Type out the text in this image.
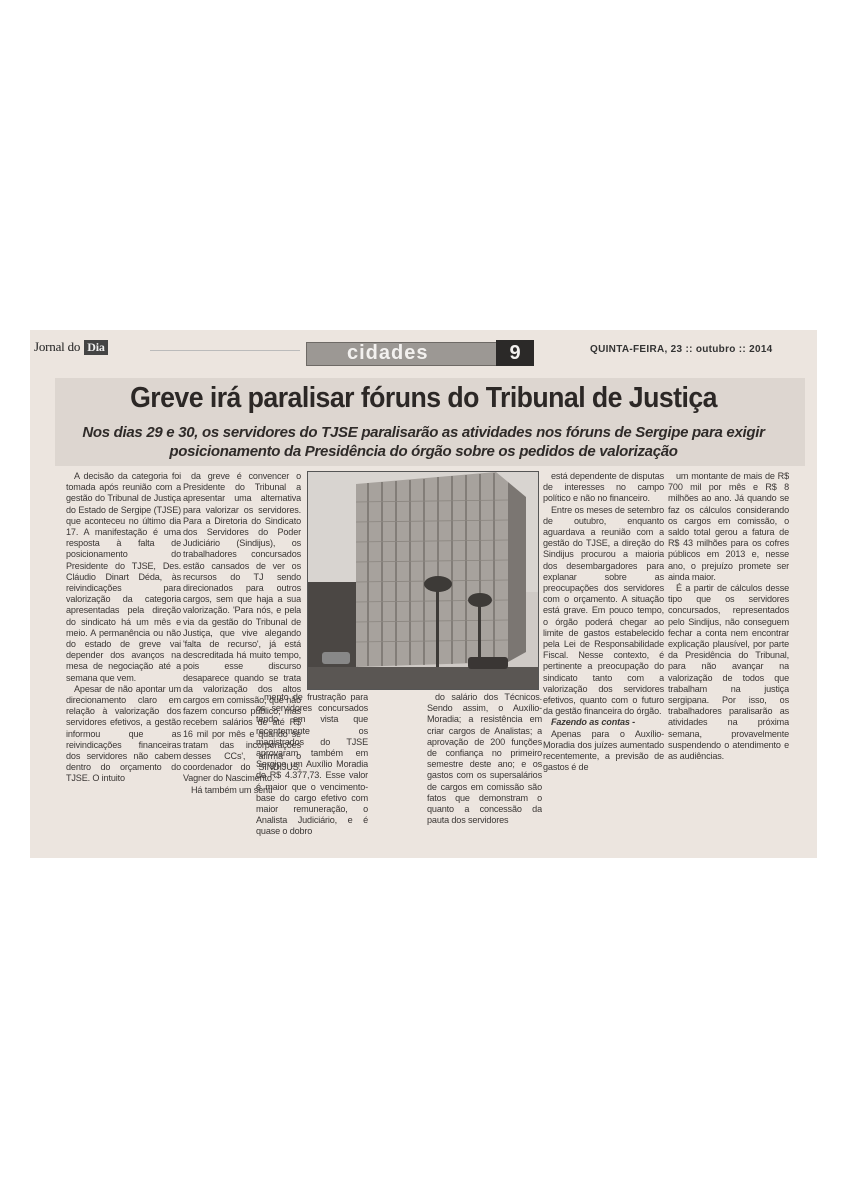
Jornal do Dia	cidades	9	QUINTA-FEIRA, 23 :: outubro :: 2014
Greve irá paralisar fóruns do Tribunal de Justiça
Nos dias 29 e 30, os servidores do TJSE paralisarão as atividades nos fóruns de Sergipe para exigir posicionamento da Presidência do órgão sobre os pedidos de valorização

A decisão da categoria foi tomada após reunião com a gestão do Tribunal de Justiça do Estado de Sergipe (TJSE) que aconteceu no último dia 17. A manifestação é uma resposta à falta de posicionamento do Presidente do TJSE, Des. Cláudio Dinart Déda, às reivindicações para valorização da categoria apresentadas pela direção do sindicato há um mês e meio. A permanência ou não do estado de greve vai depender dos avanços na mesa de negociação até a semana que vem.

Apesar de não apontar um direcionamento claro em relação à valorização dos servidores efetivos, a gestão informou que as reivindicações financeiras dos servidores não cabem dentro do orçamento do TJSE. O intuito

da greve é convencer o Presidente do Tribunal a apresentar uma alternativa para valorizar os servidores. Para a Diretoria do Sindicato dos Servidores do Poder Judiciário (Sindijus), os trabalhadores concursados estão cansados de ver os recursos do TJ sendo direcionados para outros cargos, sem que haja a sua valorização. 'Para nós, e pela via da gestão do Tribunal de Justiça, que vive alegando 'falta de recurso', já está descreditada há muito tempo, pois esse discurso desaparece quando se trata da valorização dos altos cargos em comissão, que não fazem concurso público, mas recebem salários de até R$ 16 mil por mês e quando se tratam das incorporações desses CCs', afirma o coordenador do SINDIJUS, Vagner do Nascimento.

Há também um senti

mento de frustração para os servidores concursados tendo em vista que recentemente os magistrados do TJSE aprovaram também em Sergipe um Auxílio Moradia de R$ 4.377,73. Esse valor é maior que o vencimento-base do cargo efetivo com maior remuneração, o Analista Judiciário, e é quase o dobro

do salário dos Técnicos. Sendo assim, o Auxílio-Moradia; a resistência em criar cargos de Analistas; a aprovação de 200 funções de confiança no primeiro semestre deste ano; e os gastos com os supersalários de cargos em comissão são fatos que demonstram o quanto a concessão da pauta dos servidores

está dependente de disputas de interesses no campo político e não no financeiro.

Entre os meses de setembro de outubro, enquanto aguardava a reunião com a gestão do TJSE, a direção do Sindijus procurou a maioria dos desembargadores para explanar sobre as preocupações dos servidores com o orçamento. A situação está grave. Em pouco tempo, o órgão poderá chegar ao limite de gastos estabelecido pela Lei de Responsabilidade Fiscal. Nesse contexto, é pertinente a preocupação do sindicato tanto com a valorização dos servidores efetivos, quanto com o futuro da gestão financeira do órgão.

Fazendo as contas -

Apenas para o Auxílio-Moradia dos juízes aumentado recentemente, a previsão de gastos é de

um montante de mais de R$ 700 mil por mês e R$ 8 milhões ao ano. Já quando se faz os cálculos considerando os cargos em comissão, o saldo total gerou a fatura de R$ 43 milhões para os cofres públicos em 2013 e, nesse ano, o prejuízo promete ser ainda maior.

É a partir de cálculos desse tipo que os servidores concursados, representados pelo Sindijus, não conseguem fechar a conta nem encontrar explicação plausível, por parte da Presidência do Tribunal, para não avançar na valorização de todos que trabalham na justiça sergipana. Por isso, os trabalhadores paralisarão as atividades na próxima semana, provavelmente suspendendo o atendimento e as audiências.
